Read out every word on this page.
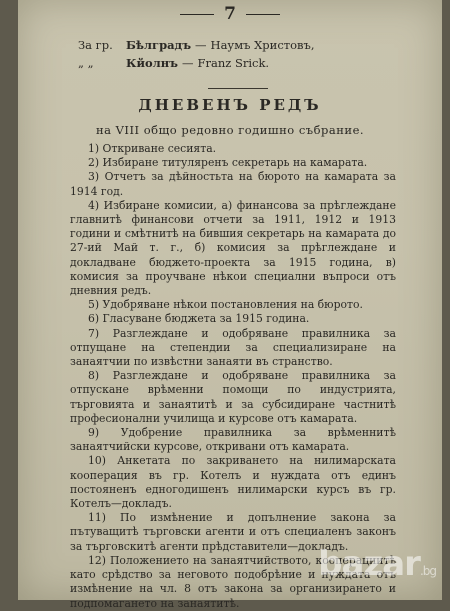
7
За гр. Бѣлградъ — Наумъ Христовъ,
„ „	Кйолнъ — Franz Srick.
ДНЕВЕНЪ РЕДЪ
на VIII общо редовно годишно събрание.

1) Откриване сесията.

2) Избиране титуляренъ секретарь на камарата.

3) Отчетъ за дѣйностьта на бюрото на камарата за 1914 год.

4) Избиране комисии, а) финансова за прѣглеждане главнитѣ финансови отчети за 1911, 1912 и 1913 години и смѣтнитѣ на бившия секретарь на камарата до 27-ий Май т. г., б) комисия за прѣглеждане и докладване бюджето-проекта за 1915 година, в) комисия за проучване нѣкои специални въпроси отъ дневния редъ.

5) Удобряване нѣкои постановления на бюрото.

6) Гласуване бюджета за 1915 година.

7) Разглеждане и одобряване правилника за отпущане на степендии за специализиране на занаятчии по извѣстни занаяти въ странство.

8) Разглеждане и одобряване правилника за отпускане врѣменни помощи по индустрията, търговията и занаятитѣ и за субсидиране частнитѣ професионални училища и курсове отъ камарата.

9) Удобрение правилника за врѣменнитѣ занаятчийски курсове, откривани отъ камарата.

10) Анкетата по закриването на нилимарската кооперация въ гр. Котелъ и нуждата отъ единъ постояненъ едногодишенъ нилимарски курсъ въ гр. Котелъ—докладъ.

11) По измѣнение и допълнение закона за пътуващитѣ търговски агенти и отъ специаленъ законъ за търговскитѣ агенти прѣдставители—докладъ.

12) Положението на занаятчийството, кооперациитѣ като срѣдство за неговото подобрѣние и нуждата отъ измѣнение на чл. 8 отъ закона за организирането и подпомагането на занаятитѣ.

bazar.bg
